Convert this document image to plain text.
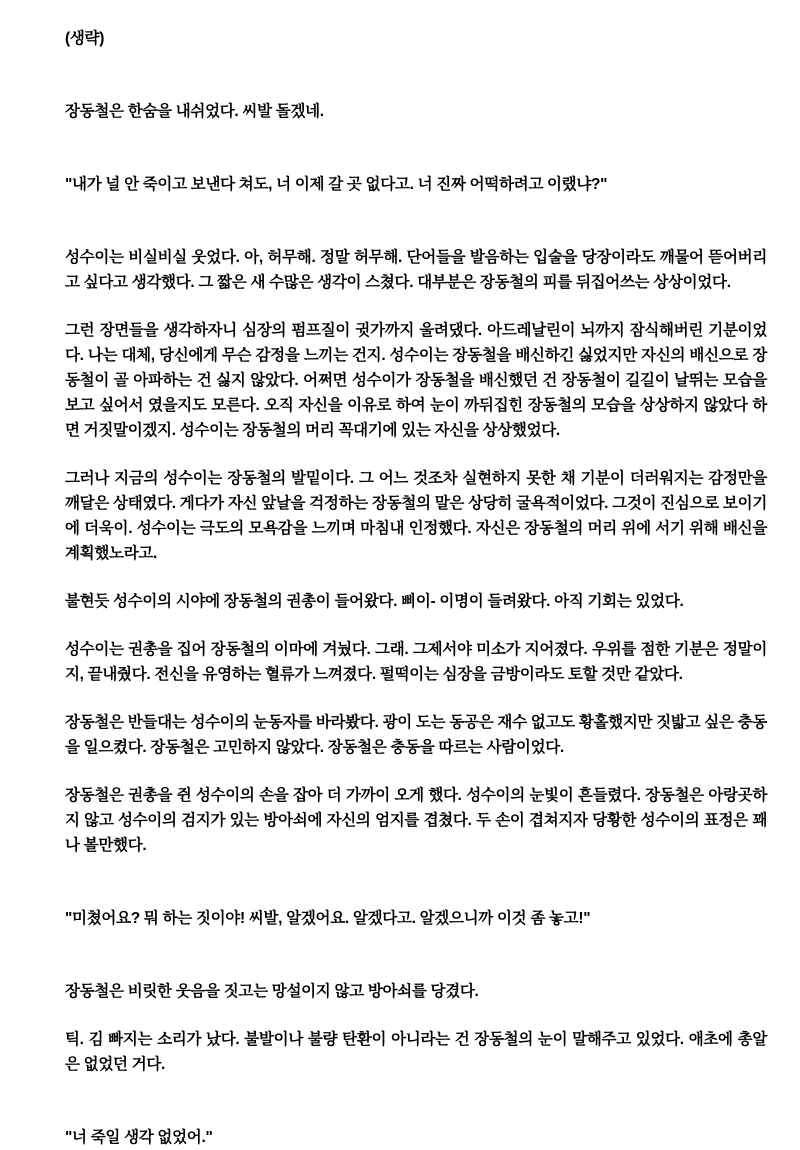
(생략)

장동철은 한숨을 내쉬었다. 씨발 돌겠네.

"내가 널 안 죽이고 보낸다 쳐도, 너 이제 갈 곳 없다고. 너 진짜 어떡하려고 이랬냐?"

성수이는 비실비실 웃었다. 아, 허무해. 정말 허무해. 단어들을 발음하는 입술을 당장이라도 깨물어 뜯어버리고 싶다고 생각했다. 그 짧은 새 수많은 생각이 스쳤다. 대부분은 장동철의 피를 뒤집어쓰는 상상이었다.

그런 장면들을 생각하자니 심장의 펌프질이 귓가까지 울려댔다. 아드레날린이 뇌까지 잠식해버린 기분이었다. 나는 대체, 당신에게 무슨 감정을 느끼는 건지. 성수이는 장동철을 배신하긴 싫었지만 자신의 배신으로 장동철이 골 아파하는 건 싫지 않았다. 어쩌면 성수이가 장동철을 배신했던 건 장동철이 길길이 날뛰는 모습을 보고 싶어서 였을지도 모른다. 오직 자신을 이유로 하여 눈이 까뒤집힌 장동철의 모습을 상상하지 않았다 하면 거짓말이겠지. 성수이는 장동철의 머리 꼭대기에 있는 자신을 상상했었다.

그러나 지금의 성수이는 장동철의 발밑이다. 그 어느 것조차 실현하지 못한 채 기분이 더러워지는 감정만을 깨달은 상태였다. 게다가 자신 앞날을 걱정하는 장동철의 말은 상당히 굴욕적이었다. 그것이 진심으로 보이기에 더욱이. 성수이는 극도의 모욕감을 느끼며 마침내 인정했다. 자신은 장동철의 머리 위에 서기 위해 배신을 계획했노라고.

불현듯 성수이의 시야에 장동철의 권총이 들어왔다. 삐이- 이명이 들려왔다. 아직 기회는 있었다.

성수이는 권총을 집어 장동철의 이마에 겨눴다. 그래. 그제서야 미소가 지어졌다. 우위를 점한 기분은 정말이지, 끝내줬다. 전신을 유영하는 혈류가 느껴졌다. 펄떡이는 심장을 금방이라도 토할 것만 같았다.

장동철은 반들대는 성수이의 눈동자를 바라봤다. 광이 도는 동공은 재수 없고도 황홀했지만 짓밟고 싶은 충동을 일으켰다. 장동철은 고민하지 않았다. 장동철은 충동을 따르는 사람이었다.

장동철은 권총을 쥔 성수이의 손을 잡아 더 가까이 오게 했다. 성수이의 눈빛이 흔들렸다. 장동철은 아랑곳하지 않고 성수이의 검지가 있는 방아쇠에 자신의 엄지를 겹쳤다. 두 손이 겹쳐지자 당황한 성수이의 표정은 꽤나 볼만했다.

"미쳤어요? 뭐 하는 짓이야! 씨발, 알겠어요. 알겠다고. 알겠으니까 이것 좀 놓고!"

장동철은 비릿한 웃음을 짓고는 망설이지 않고 방아쇠를 당겼다.

틱. 김 빠지는 소리가 났다. 불발이나 불량 탄환이 아니라는 건 장동철의 눈이 말해주고 있었다. 애초에 총알은 없었던 거다.

"너 죽일 생각 없었어."
